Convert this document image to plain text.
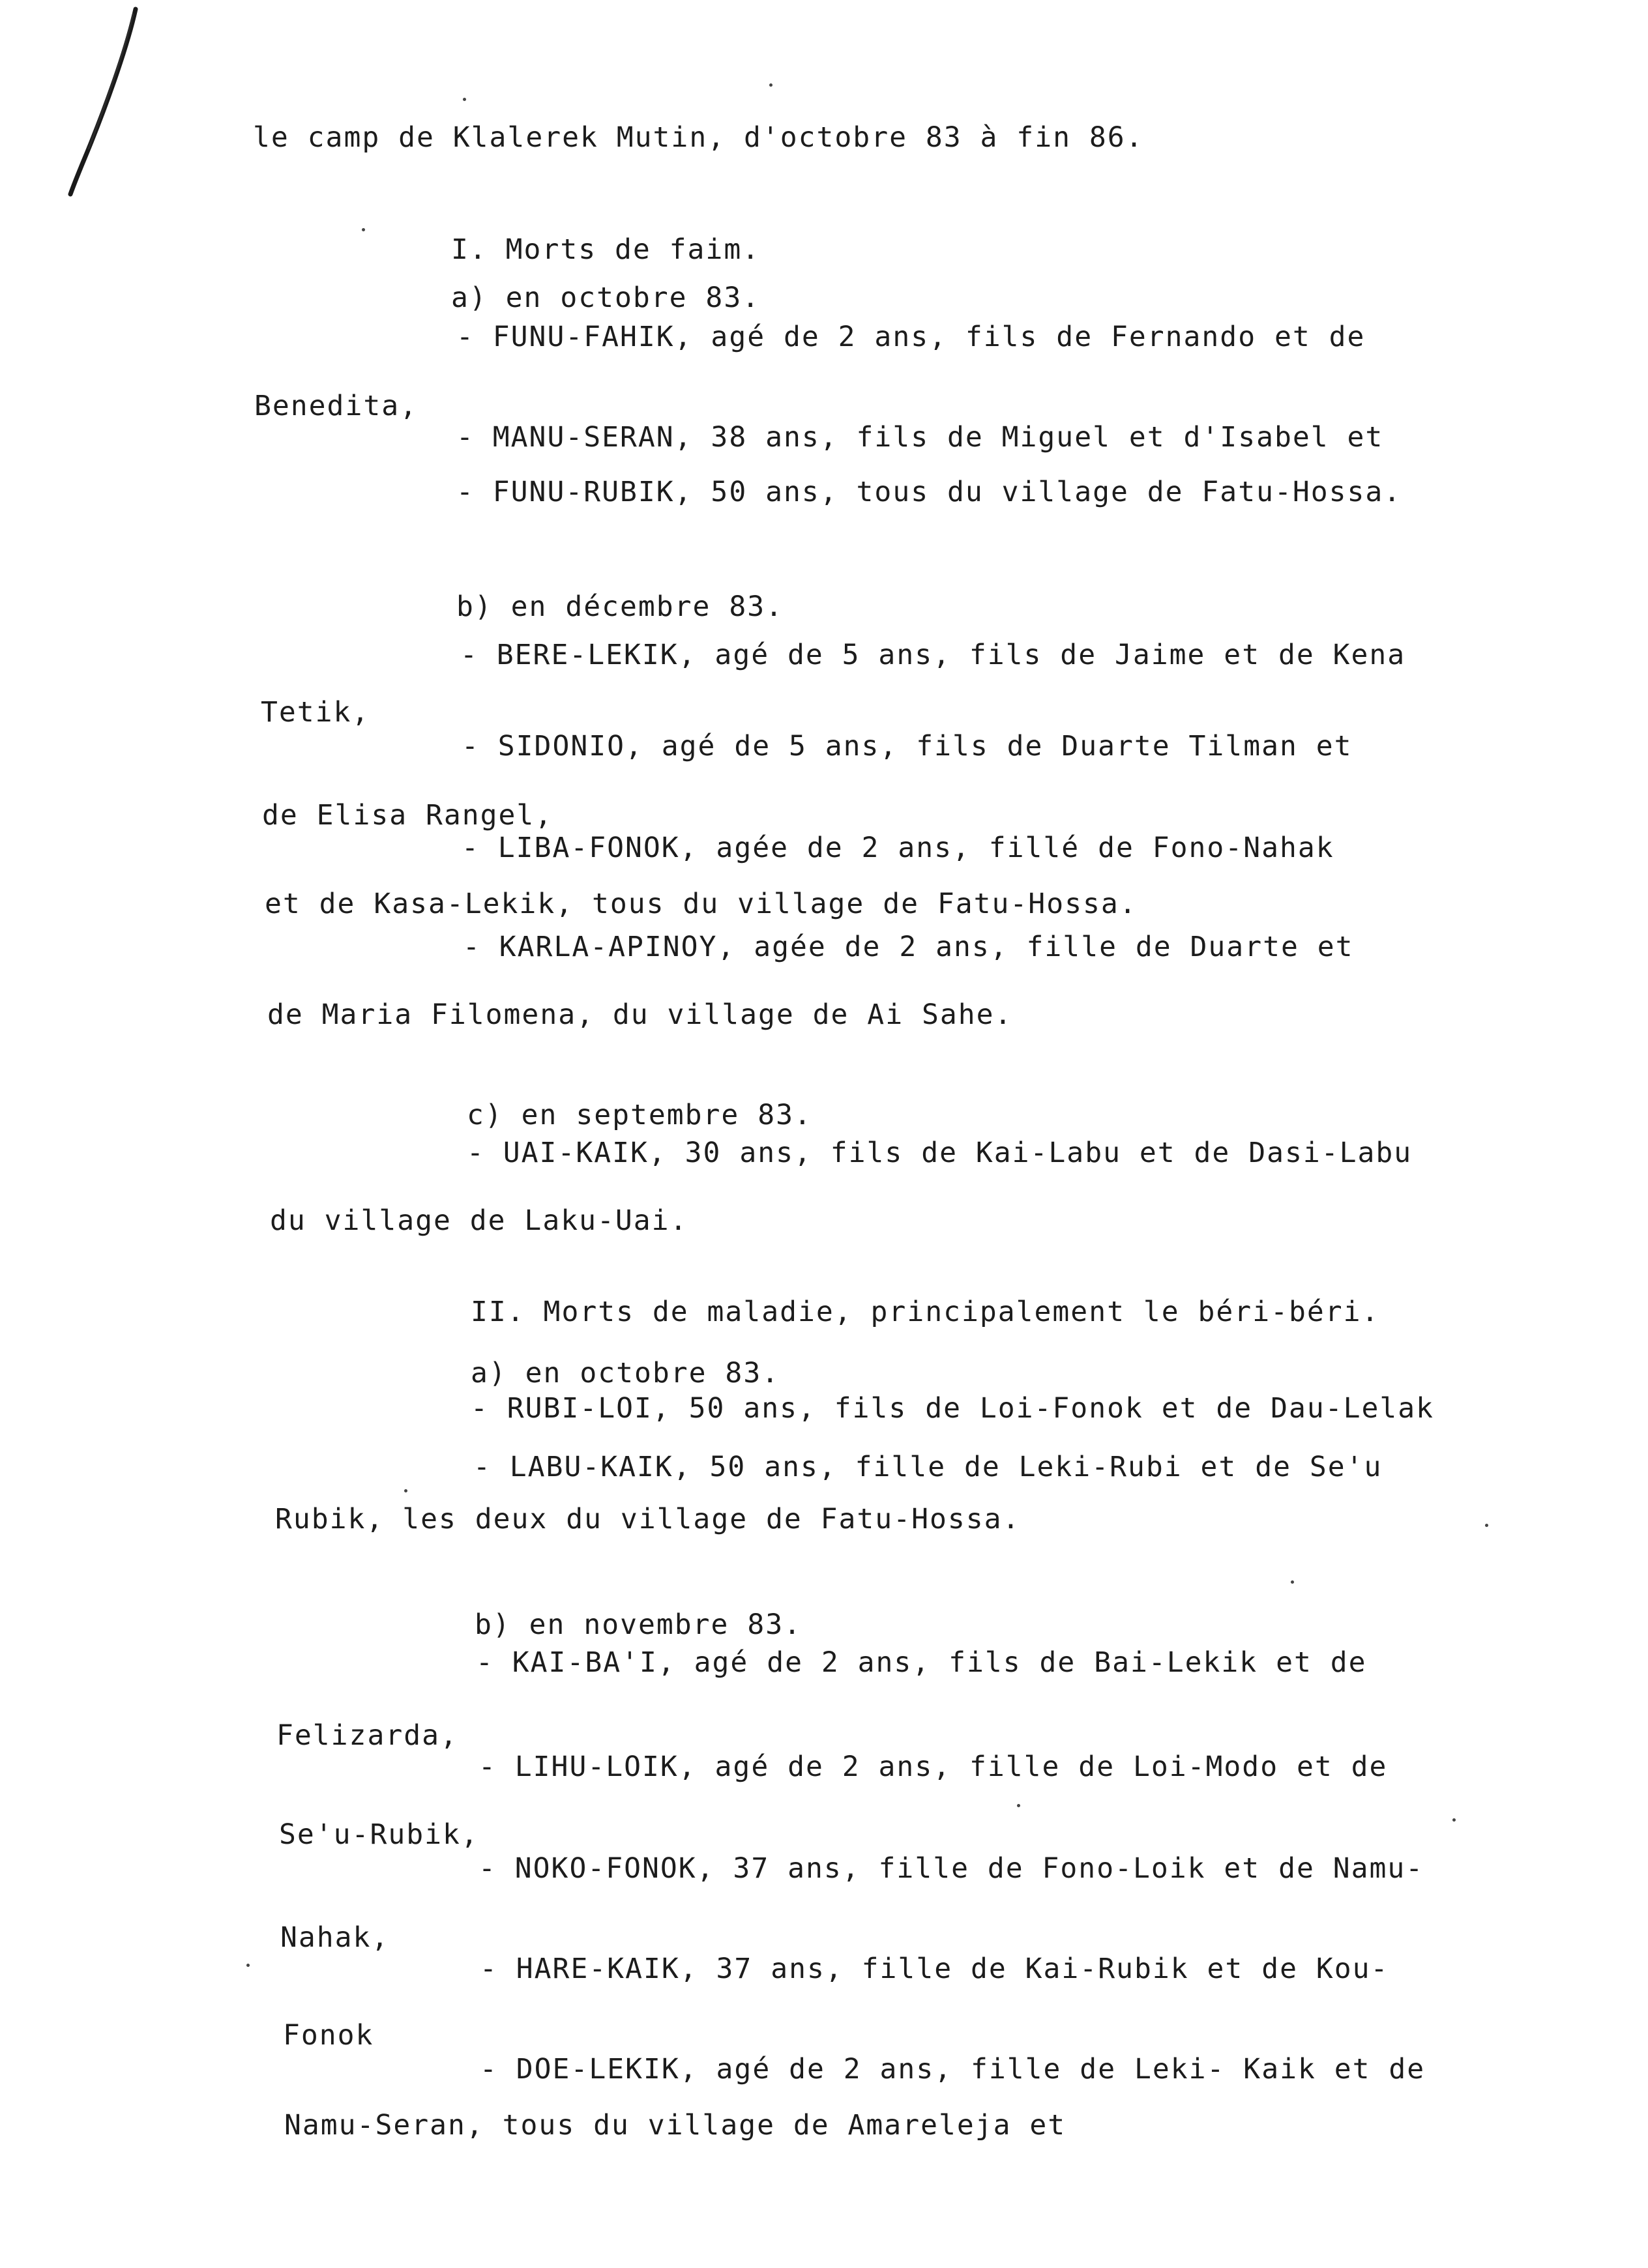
le camp de Klalerek Mutin, d'octobre 83 à fin 86.
I. Morts de faim.
a) en octobre 83.
- FUNU-FAHIK, agé de 2 ans, fils de Fernando et de
Benedita,
- MANU-SERAN, 38 ans, fils de Miguel et d'Isabel et
- FUNU-RUBIK, 50 ans, tous du village de Fatu-Hossa.
b) en décembre 83.
- BERE-LEKIK, agé de 5 ans, fils de Jaime et de Kena
Tetik,
- SIDONIO, agé de 5 ans, fils de Duarte Tilman et
de Elisa Rangel,
- LIBA-FONOK, agée de 2 ans, fillé de Fono-Nahak
et de Kasa-Lekik, tous du village de Fatu-Hossa.
- KARLA-APINOY, agée de 2 ans, fille de Duarte et
de Maria Filomena, du village de Ai Sahe.
c) en septembre 83.
- UAI-KAIK, 30 ans, fils de Kai-Labu et de Dasi-Labu
du village de Laku-Uai.
II. Morts de maladie, principalement le béri-béri.
a) en octobre 83.
- RUBI-LOI, 50 ans, fils de Loi-Fonok et de Dau-Lelak
- LABU-KAIK, 50 ans, fille de Leki-Rubi et de Se'u
Rubik, les deux du village de Fatu-Hossa.
b) en novembre 83.
- KAI-BA'I, agé de 2 ans, fils de Bai-Lekik et de
Felizarda,
- LIHU-LOIK, agé de 2 ans, fille de Loi-Modo et de
Se'u-Rubik,
- NOKO-FONOK, 37 ans, fille de Fono-Loik et de Namu-
Nahak,
- HARE-KAIK, 37 ans, fille de Kai-Rubik et de Kou-
Fonok
- DOE-LEKIK, agé de 2 ans, fille de Leki- Kaik et de
Namu-Seran, tous du village de Amareleja et
